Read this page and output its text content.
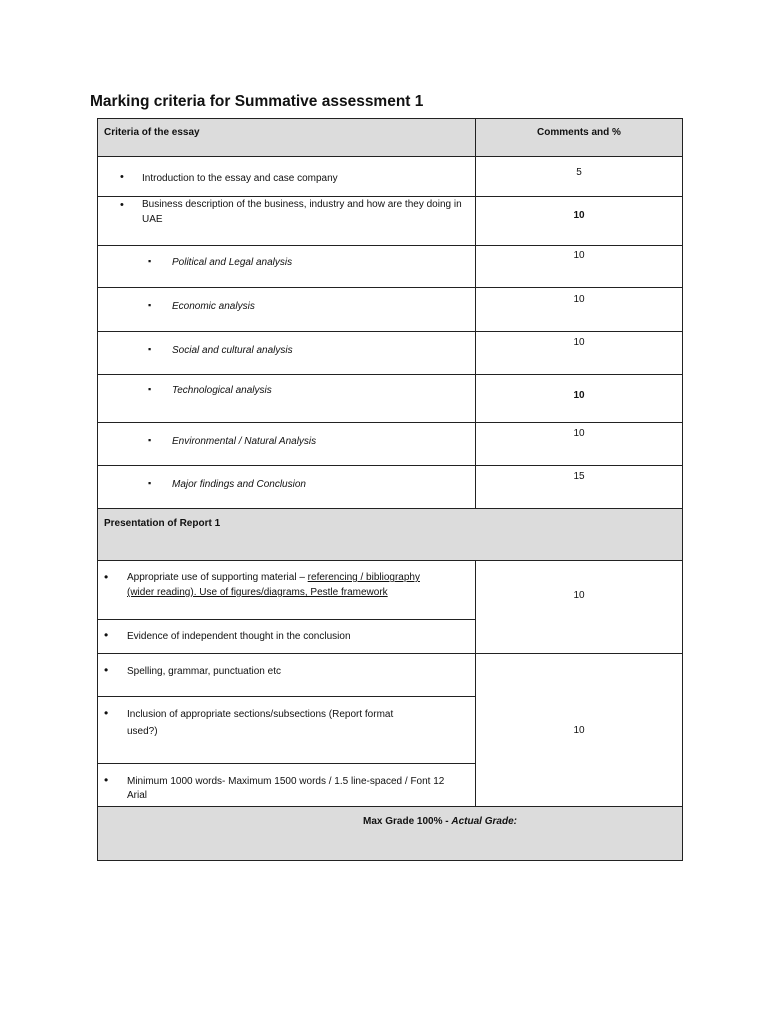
Marking criteria for Summative assessment 1
Criteria of the essay	Comments and %

• Introduction to the essay and case company	5

• Business description of the business, industry and how are they doing in
UAE	10

▪ Political and Legal analysis	10

▪ Economic analysis	10

▪ Social and cultural analysis	10

▪ Technological analysis	10

▪ Environmental / Natural Analysis	10

▪ Major findings and Conclusion	15
Presentation of Report 1	

• Appropriate use of supporting material – referencing / bibliography
(wider reading). Use of figures/diagrams, Pestle framework	10

• Evidence of independent thought in the conclusion	

• Spelling, grammar, punctuation etc	10

• Inclusion of appropriate sections/subsections (Report format
used?)	

• Minimum 1000 words- Maximum 1500 words / 1.5 line-spaced / Font 12
Arial	

Max Grade 100% - Actual Grade:	
